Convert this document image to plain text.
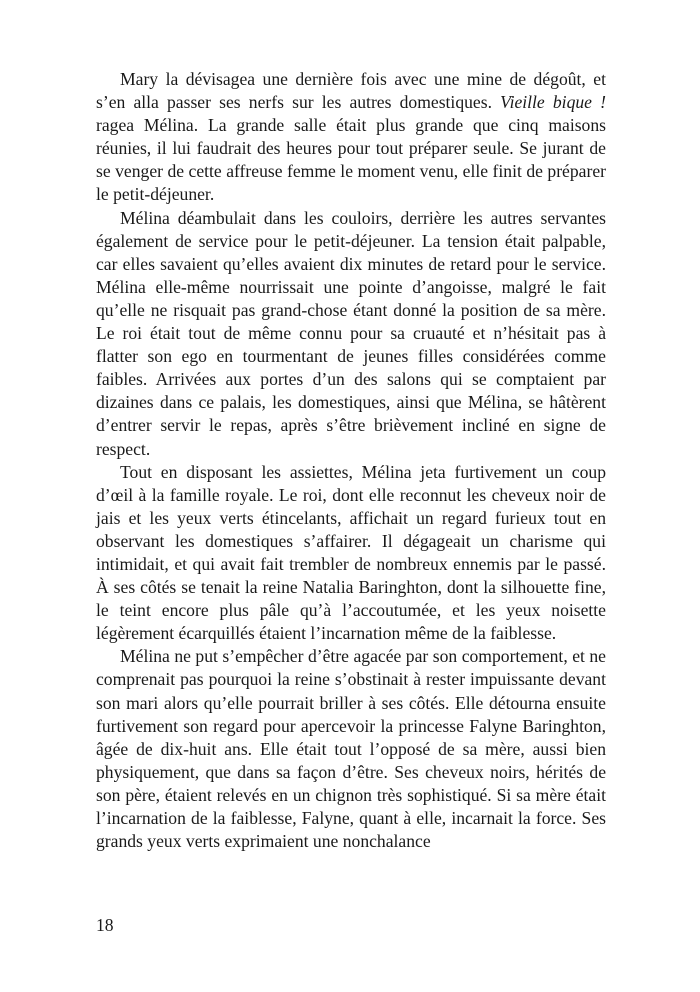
Mary la dévisagea une dernière fois avec une mine de dégoût, et s’en alla passer ses nerfs sur les autres domestiques. Vieille bique ! ragea Mélina. La grande salle était plus grande que cinq maisons réunies, il lui faudrait des heures pour tout préparer seule. Se jurant de se venger de cette affreuse femme le moment venu, elle finit de préparer le petit-déjeuner.

Mélina déambulait dans les couloirs, derrière les autres servantes également de service pour le petit-déjeuner. La tension était palpable, car elles savaient qu’elles avaient dix minutes de retard pour le service. Mélina elle-même nourrissait une pointe d’angoisse, malgré le fait qu’elle ne risquait pas grand-chose étant donné la position de sa mère. Le roi était tout de même connu pour sa cruauté et n’hésitait pas à flatter son ego en tourmentant de jeunes filles considérées comme faibles. Arrivées aux portes d’un des salons qui se comptaient par dizaines dans ce palais, les domestiques, ainsi que Mélina, se hâtèrent d’entrer servir le repas, après s’être brièvement incliné en signe de respect.

Tout en disposant les assiettes, Mélina jeta furtivement un coup d’œil à la famille royale. Le roi, dont elle reconnut les cheveux noir de jais et les yeux verts étincelants, affichait un regard furieux tout en observant les domestiques s’affairer. Il dégageait un charisme qui intimidait, et qui avait fait trembler de nombreux ennemis par le passé. À ses côtés se tenait la reine Natalia Baringhton, dont la silhouette fine, le teint encore plus pâle qu’à l’accoutumée, et les yeux noisette légèrement écarquillés étaient l’incarnation même de la faiblesse.

Mélina ne put s’empêcher d’être agacée par son comportement, et ne comprenait pas pourquoi la reine s’obstinait à rester impuissante devant son mari alors qu’elle pourrait briller à ses côtés. Elle détourna ensuite furtivement son regard pour apercevoir la princesse Falyne Baringhton, âgée de dix-huit ans. Elle était tout l’opposé de sa mère, aussi bien physiquement, que dans sa façon d’être. Ses cheveux noirs, hérités de son père, étaient relevés en un chignon très sophistiqué. Si sa mère était l’incarnation de la faiblesse, Falyne, quant à elle, incarnait la force. Ses grands yeux verts exprimaient une nonchalance

18
